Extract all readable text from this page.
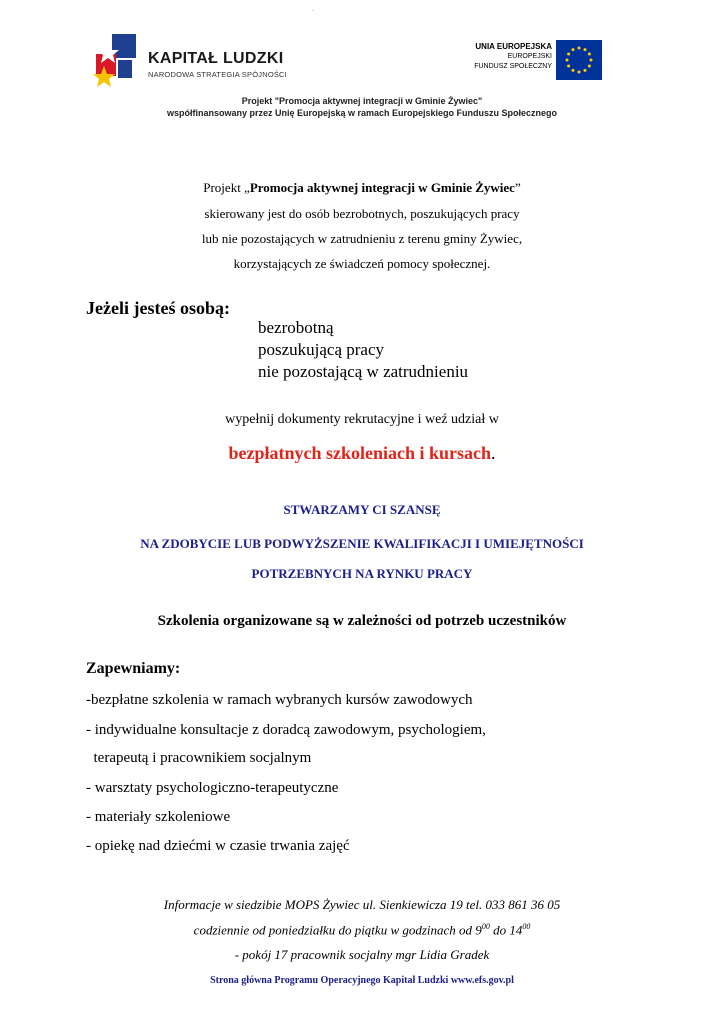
.
KAPITAŁ LUDZKI
NARODOWA STRATEGIA SPÓJNOŚCI
UNIA EUROPEJSKA
EUROPEJSKI
FUNDUSZ SPOŁECZNY
Projekt "Promocja aktywnej integracji w Gminie Żywiec"
współfinansowany przez Unię Europejską w ramach Europejskiego Funduszu Społecznego
Projekt „Promocja aktywnej integracji w Gminie Żywiec”
skierowany jest do osób bezrobotnych, poszukujących pracy
lub nie pozostających w zatrudnieniu z terenu gminy Żywiec,
korzystających ze świadczeń pomocy społecznej.
Jeżeli jesteś osobą:
bezrobotną
poszukującą pracy
nie pozostającą w zatrudnieniu
wypełnij dokumenty rekrutacyjne i weź udział w
bezpłatnych szkoleniach i kursach.
STWARZAMY CI SZANSĘ
NA ZDOBYCIE LUB PODWYŻSZENIE KWALIFIKACJI I UMIEJĘTNOŚCI
POTRZEBNYCH NA RYNKU PRACY
Szkolenia organizowane są w zależności od potrzeb uczestników
Zapewniamy:
-bezpłatne szkolenia w ramach wybranych kursów zawodowych
- indywidualne konsultacje z doradcą zawodowym, psychologiem,
terapeutą i pracownikiem socjalnym
- warsztaty psychologiczno-terapeutyczne
- materiały szkoleniowe
- opiekę nad dziećmi w czasie trwania zajęć
Informacje w siedzibie MOPS Żywiec ul. Sienkiewicza 19 tel. 033 861 36 05
codziennie od poniedziałku do piątku w godzinach od $9^{00}$ do $14^{00}$
- pokój 17 pracownik socjalny mgr Lidia Gradek
Strona główna Programu Operacyjnego Kapitał Ludzki www.efs.gov.pl
